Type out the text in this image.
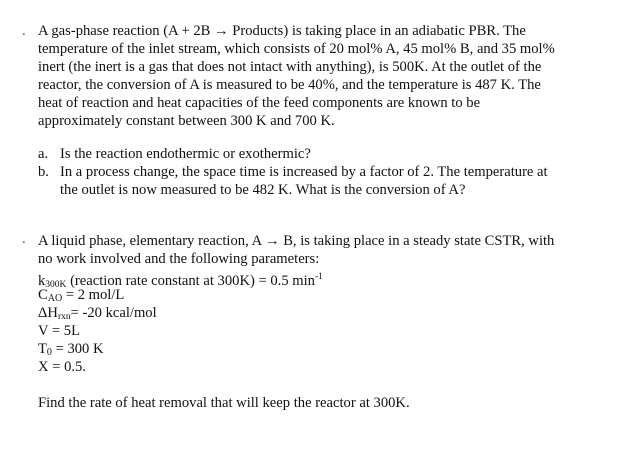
. A gas-phase reaction (A + 2B → Products) is taking place in an adiabatic PBR. The
temperature of the inlet stream, which consists of 20 mol% A, 45 mol% B, and 35 mol%
inert (the inert is a gas that does not intact with anything), is 500K. At the outlet of the
reactor, the conversion of A is measured to be 40%, and the temperature is 487 K. The
heat of reaction and heat capacities of the feed components are known to be
approximately constant between 300 K and 700 K.
a. Is the reaction endothermic or exothermic?
b. In a process change, the space time is increased by a factor of 2. The temperature at
the outlet is now measured to be 482 K. What is the conversion of A?
. A liquid phase, elementary reaction, A → B, is taking place in a steady state CSTR, with
no work involved and the following parameters:
k300K (reaction rate constant at 300K) = 0.5 $\min^{-1}$
CAO = 2 mol/L
ΔHrxn= -20 kcal/mol
V = 5L
T0 = 300 K
X = 0.5.
Find the rate of heat removal that will keep the reactor at 300K.
